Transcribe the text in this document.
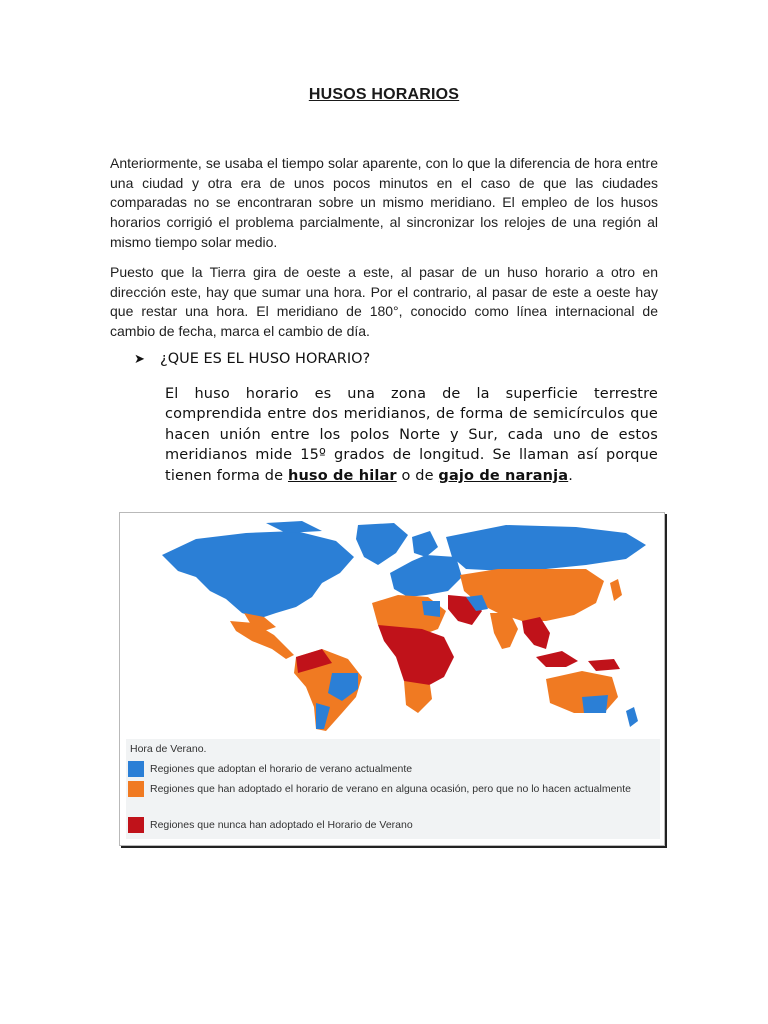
HUSOS HORARIOS
Anteriormente, se usaba el tiempo solar aparente, con lo que la diferencia de hora entre una ciudad y otra era de unos pocos minutos en el caso de que las ciudades comparadas no se encontraran sobre un mismo meridiano. El empleo de los husos horarios corrigió el problema parcialmente, al sincronizar los relojes de una región al mismo tiempo solar medio.
Puesto que la Tierra gira de oeste a este, al pasar de un huso horario a otro en dirección este, hay que sumar una hora. Por el contrario, al pasar de este a oeste hay que restar una hora. El meridiano de 180°, conocido como línea internacional de cambio de fecha, marca el cambio de día.
➤ ¿QUE ES EL HUSO HORARIO?
El huso horario es una zona de la superficie terrestre comprendida entre dos meridianos, de forma de semicírculos que hacen unión entre los polos Norte y Sur, cada uno de estos meridianos mide 15º grados de longitud. Se llaman así porque tienen forma de huso de hilar o de gajo de naranja.
Hora de Verano.
Regiones que adoptan el horario de verano actualmente
Regiones que han adoptado el horario de verano en alguna ocasión, pero que no lo hacen actualmente
Regiones que nunca han adoptado el Horario de Verano
